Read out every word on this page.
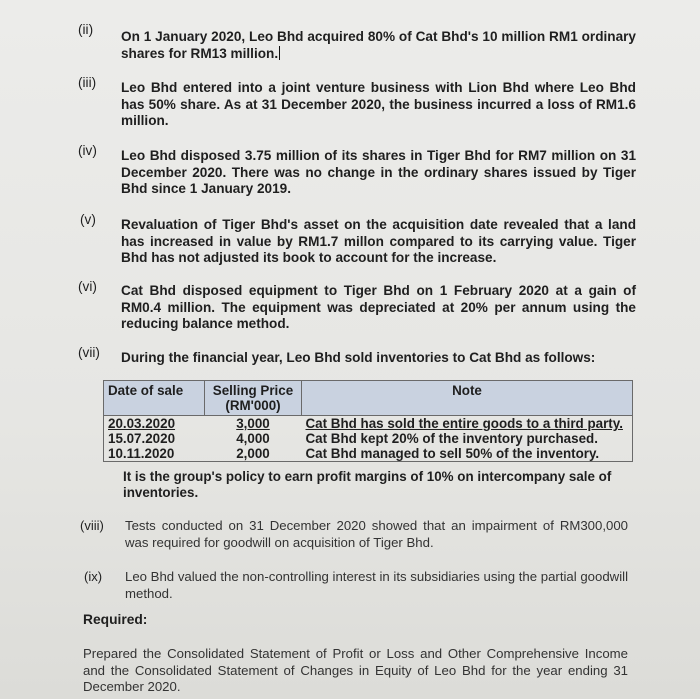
(ii) On 1 January 2020, Leo Bhd acquired 80% of Cat Bhd's 10 million RM1 ordinary shares for RM13 million.
(iii) Leo Bhd entered into a joint venture business with Lion Bhd where Leo Bhd has 50% share. As at 31 December 2020, the business incurred a loss of RM1.6 million.
(iv) Leo Bhd disposed 3.75 million of its shares in Tiger Bhd for RM7 million on 31 December 2020. There was no change in the ordinary shares issued by Tiger Bhd since 1 January 2019.
(v) Revaluation of Tiger Bhd's asset on the acquisition date revealed that a land has increased in value by RM1.7 millon compared to its carrying value. Tiger Bhd has not adjusted its book to account for the increase.
(vi) Cat Bhd disposed equipment to Tiger Bhd on 1 February 2020 at a gain of RM0.4 million. The equipment was depreciated at 20% per annum using the reducing balance method.
(vii) During the financial year, Leo Bhd sold inventories to Cat Bhd as follows:
Date of sale	Selling Price (RM'000)	Note
20.03.2020	3,000	Cat Bhd has sold the entire goods to a third party.
15.07.2020	4,000	Cat Bhd kept 20% of the inventory purchased.
10.11.2020	2,000	Cat Bhd managed to sell 50% of the inventory.
It is the group's policy to earn profit margins of 10% on intercompany sale of inventories.
(viii) Tests conducted on 31 December 2020 showed that an impairment of RM300,000 was required for goodwill on acquisition of Tiger Bhd.
(ix) Leo Bhd valued the non-controlling interest in its subsidiaries using the partial goodwill method.
Required:
Prepared the Consolidated Statement of Profit or Loss and Other Comprehensive Income and the Consolidated Statement of Changes in Equity of Leo Bhd for the year ending 31 December 2020.
